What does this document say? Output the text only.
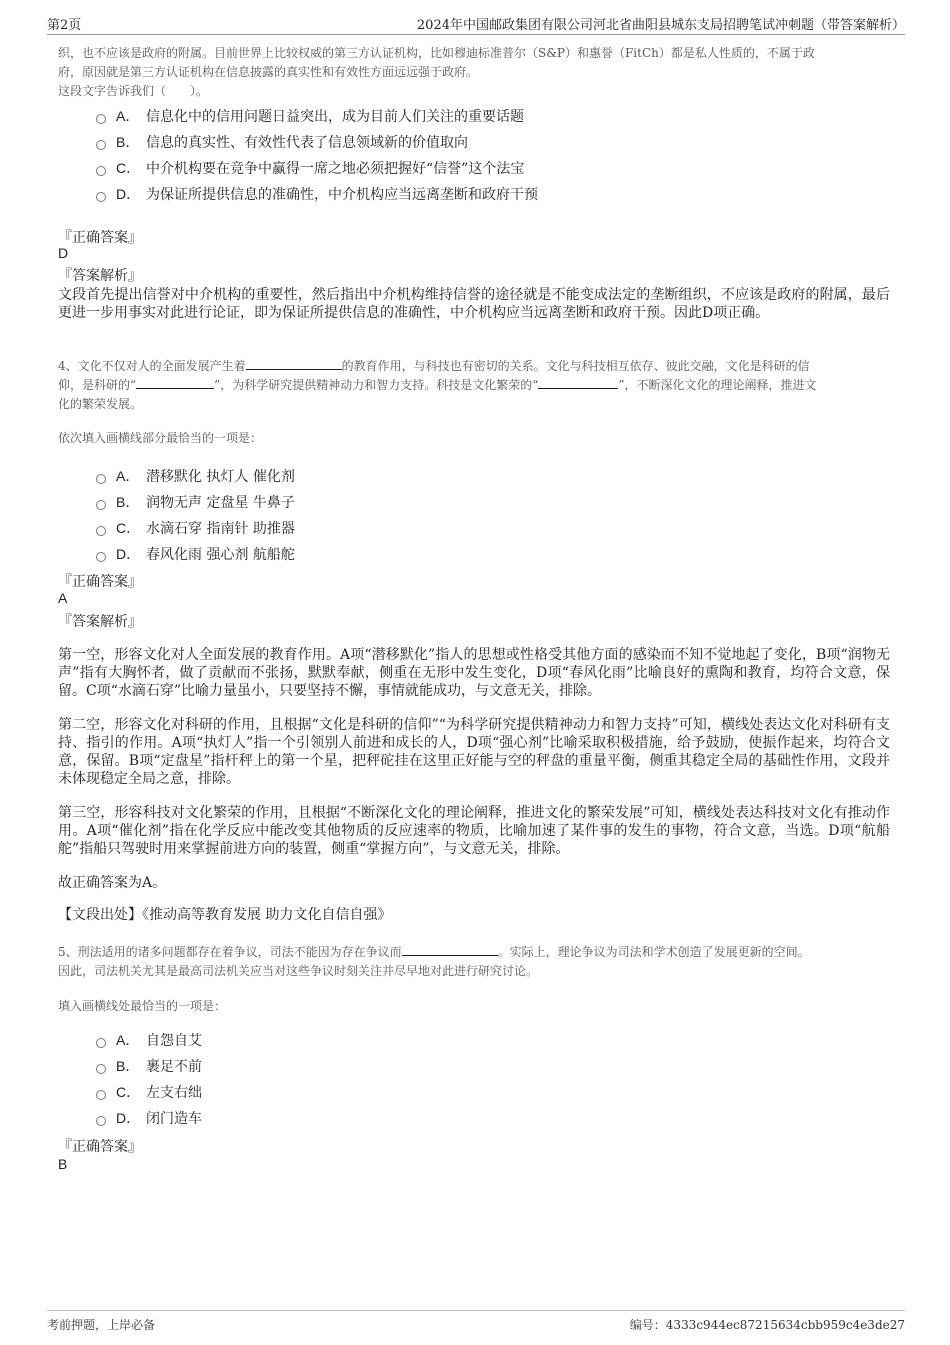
第2页	2024年中国邮政集团有限公司河北省曲阳县城东支局招聘笔试冲刺题（带答案解析）
织，也不应该是政府的附属。目前世界上比较权威的第三方认证机构，比如穆迪标准普尔（S&P）和惠誉（FitCh）都是私人性质的，不属于政
府，原因就是第三方认证机构在信息披露的真实性和有效性方面远远强于政府。
这段文字告诉我们（　　）。
A． 信息化中的信用问题日益突出，成为目前人们关注的重要话题
B． 信息的真实性、有效性代表了信息领域新的价值取向
C． 中介机构要在竞争中赢得一席之地必须把握好“信誉”这个法宝
D． 为保证所提供信息的准确性，中介机构应当远离垄断和政府干预
『正确答案』
D
『答案解析』
文段首先提出信誉对中介机构的重要性，然后指出中介机构维持信誉的途径就是不能变成法定的垄断组织，不应该是政府的附属，最后更进一步用事实对此进行论证，即为保证所提供信息的准确性，中介机构应当远离垄断和政府干预。因此D项正确。
4、文化不仅对人的全面发展产生着	的教育作用，与科技也有密切的关系。文化与科技相互依存、彼此交融，文化是科研的信
仰，是科研的“	”，为科学研究提供精神动力和智力支持。科技是文化繁荣的“	”，不断深化文化的理论阐释，推进文
化的繁荣发展。
依次填入画横线部分最恰当的一项是：
A． 潜移默化 执灯人 催化剂
B． 润物无声 定盘星 牛鼻子
C． 水滴石穿 指南针 助推器
D． 春风化雨 强心剂 航船舵
『正确答案』
A
『答案解析』
第一空，形容文化对人全面发展的教育作用。A项“潜移默化”指人的思想或性格受其他方面的感染而不知不觉地起了变化，B项“润物无声”指有大胸怀者，做了贡献而不张扬，默默奉献，侧重在无形中发生变化，D项“春风化雨”比喻良好的熏陶和教育，均符合文意，保留。C项“水滴石穿”比喻力量虽小，只要坚持不懈，事情就能成功，与文意无关，排除。
第二空，形容文化对科研的作用，且根据“文化是科研的信仰”“为科学研究提供精神动力和智力支持”可知，横线处表达文化对科研有支持、指引的作用。A项“执灯人”指一个引领别人前进和成长的人，D项“强心剂”比喻采取积极措施，给予鼓励，使振作起来，均符合文意，保留。B项“定盘星”指杆秤上的第一个星，把秤砣挂在这里正好能与空的秤盘的重量平衡，侧重其稳定全局的基础性作用，文段并未体现稳定全局之意，排除。
第三空，形容科技对文化繁荣的作用，且根据“不断深化文化的理论阐释，推进文化的繁荣发展”可知，横线处表达科技对文化有推动作用。A项“催化剂”指在化学反应中能改变其他物质的反应速率的物质，比喻加速了某件事的发生的事物，符合文意，当选。D项“航船舵”指船只驾驶时用来掌握前进方向的装置，侧重“掌握方向”，与文意无关，排除。
故正确答案为A。
【文段出处】《推动高等教育发展 助力文化自信自强》
5、刑法适用的诸多问题都存在着争议，司法不能因为存在争议而	。实际上，理论争议为司法和学术创造了发展更新的空间。
因此，司法机关尤其是最高司法机关应当对这些争议时刻关注并尽早地对此进行研究讨论。
填入画横线处最恰当的一项是：
A． 自怨自艾
B． 裹足不前
C． 左支右绌
D． 闭门造车
『正确答案』
B
考前押题，上岸必备	编号：4333c944ec87215634cbb959c4e3de27
